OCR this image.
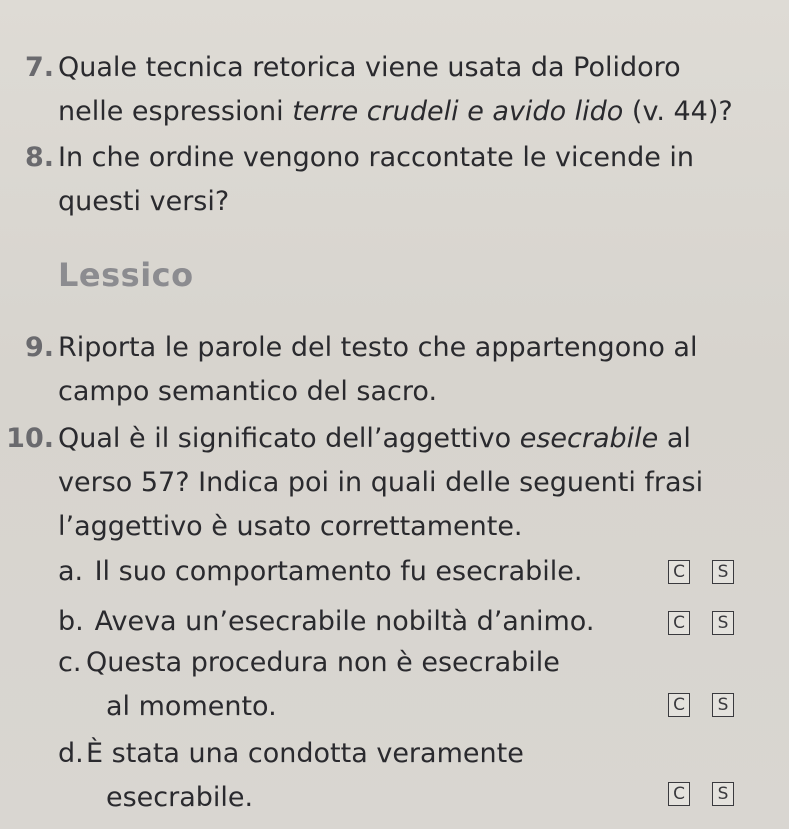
7. Quale tecnica retorica viene usata da Polidoro
nelle espressioni terre crudeli e avido lido (v. 44)?
8. In che ordine vengono raccontate le vicende in
questi versi?
Lessico
9. Riporta le parole del testo che appartengono al
campo semantico del sacro.
10. Qual è il significato dell’aggettivo esecrabile al
verso 57? Indica poi in quali delle seguenti frasi
l’aggettivo è usato correttamente.
a. Il suo comportamento fu esecrabile.	C	S
b. Aveva un’esecrabile nobiltà d’animo.	C	S
c. Questa procedura non è esecrabile
al momento.	C	S
d.È stata una condotta veramente
esecrabile.	C	S
